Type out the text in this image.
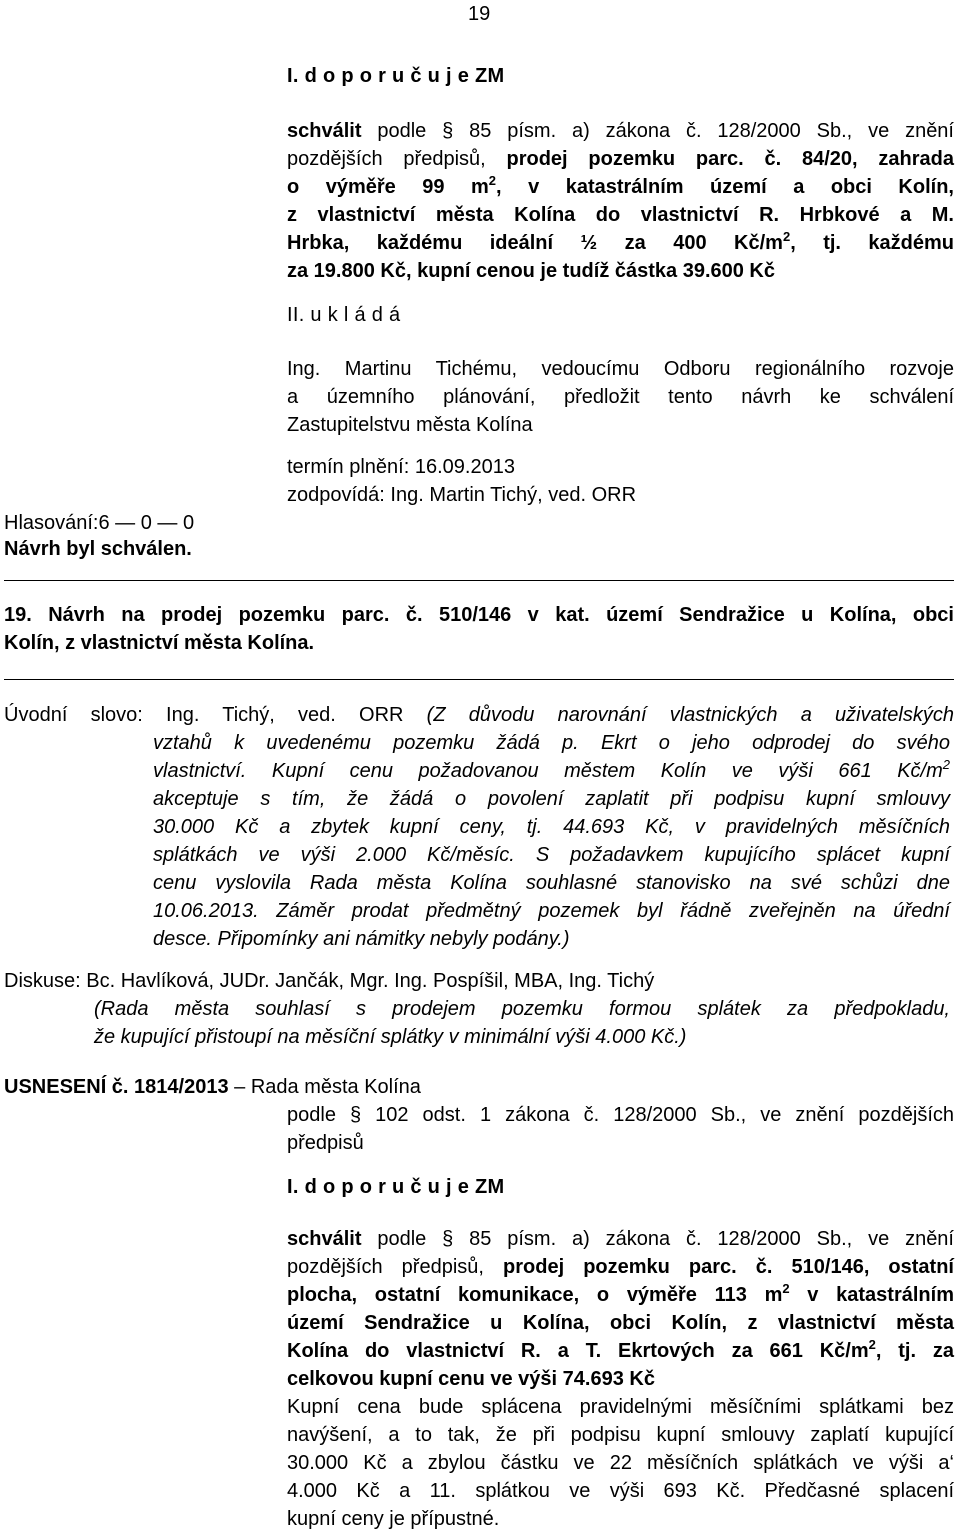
19
I. d o p o r u č u j e ZM
schválit podle § 85 písm. a) zákona č. 128/2000 Sb., ve znění
pozdějších předpisů, prodej pozemku parc. č. 84/20, zahrada
o výměře 99 $m^2$, v katastrálním území a obci Kolín,
z vlastnictví města Kolína do vlastnictví R. Hrbkové a M.
Hrbka, každému ideální ½ za 400 $Kč/m^2$, tj. každému
za 19.800 Kč, kupní cenou je tudíž částka 39.600 Kč
II. u k l á d á
Ing. Martinu Tichému, vedoucímu Odboru regionálního rozvoje
a územního plánování, předložit tento návrh ke schválení
Zastupitelstvu města Kolína
termín plnění: 16.09.2013
zodpovídá: Ing. Martin Tichý, ved. ORR
Hlasování:6 — 0 — 0
Návrh byl schválen.
19. Návrh na prodej pozemku parc. č. 510/146 v kat. území Sendražice u Kolína, obci
Kolín, z vlastnictví města Kolína.
Úvodní slovo: Ing. Tichý, ved. ORR (Z důvodu narovnání vlastnických a uživatelských
vztahů k uvedenému pozemku žádá p. Ekrt o jeho odprodej do svého
vlastnictví. Kupní cenu požadovanou městem Kolín ve výši 661 $Kč/m^2$
akceptuje s tím, že žádá o povolení zaplatit při podpisu kupní smlouvy
30.000 Kč a zbytek kupní ceny, tj. 44.693 Kč, v pravidelných měsíčních
splátkách ve výši 2.000 Kč/měsíc. S požadavkem kupujícího splácet kupní
cenu vyslovila Rada města Kolína souhlasné stanovisko na své schůzi dne
10.06.2013. Záměr prodat předmětný pozemek byl řádně zveřejněn na úřední
desce. Připomínky ani námitky nebyly podány.)
Diskuse: Bc. Havlíková, JUDr. Jančák, Mgr. Ing. Pospíšil, MBA, Ing. Tichý
(Rada města souhlasí s prodejem pozemku formou splátek za předpokladu,
že kupující přistoupí na měsíční splátky v minimální výši 4.000 Kč.)
USNESENÍ č. 1814/2013 – Rada města Kolína
podle § 102 odst. 1 zákona č. 128/2000 Sb., ve znění pozdějších
předpisů
I. d o p o r u č u j e ZM
schválit podle § 85 písm. a) zákona č. 128/2000 Sb., ve znění
pozdějších předpisů, prodej pozemku parc. č. 510/146, ostatní
plocha, ostatní komunikace, o výměře 113 $m^2$ v katastrálním
území Sendražice u Kolína, obci Kolín, z vlastnictví města
Kolína do vlastnictví R. a T. Ekrtových za 661 $Kč/m^2$, tj. za
celkovou kupní cenu ve výši 74.693 Kč
Kupní cena bude splácena pravidelnými měsíčními splátkami bez
navýšení, a to tak, že při podpisu kupní smlouvy zaplatí kupující
30.000 Kč a zbylou částku ve 22 měsíčních splátkách ve výši a‘
4.000 Kč a 11. splátkou ve výši 693 Kč. Předčasné splacení
kupní ceny je přípustné.
